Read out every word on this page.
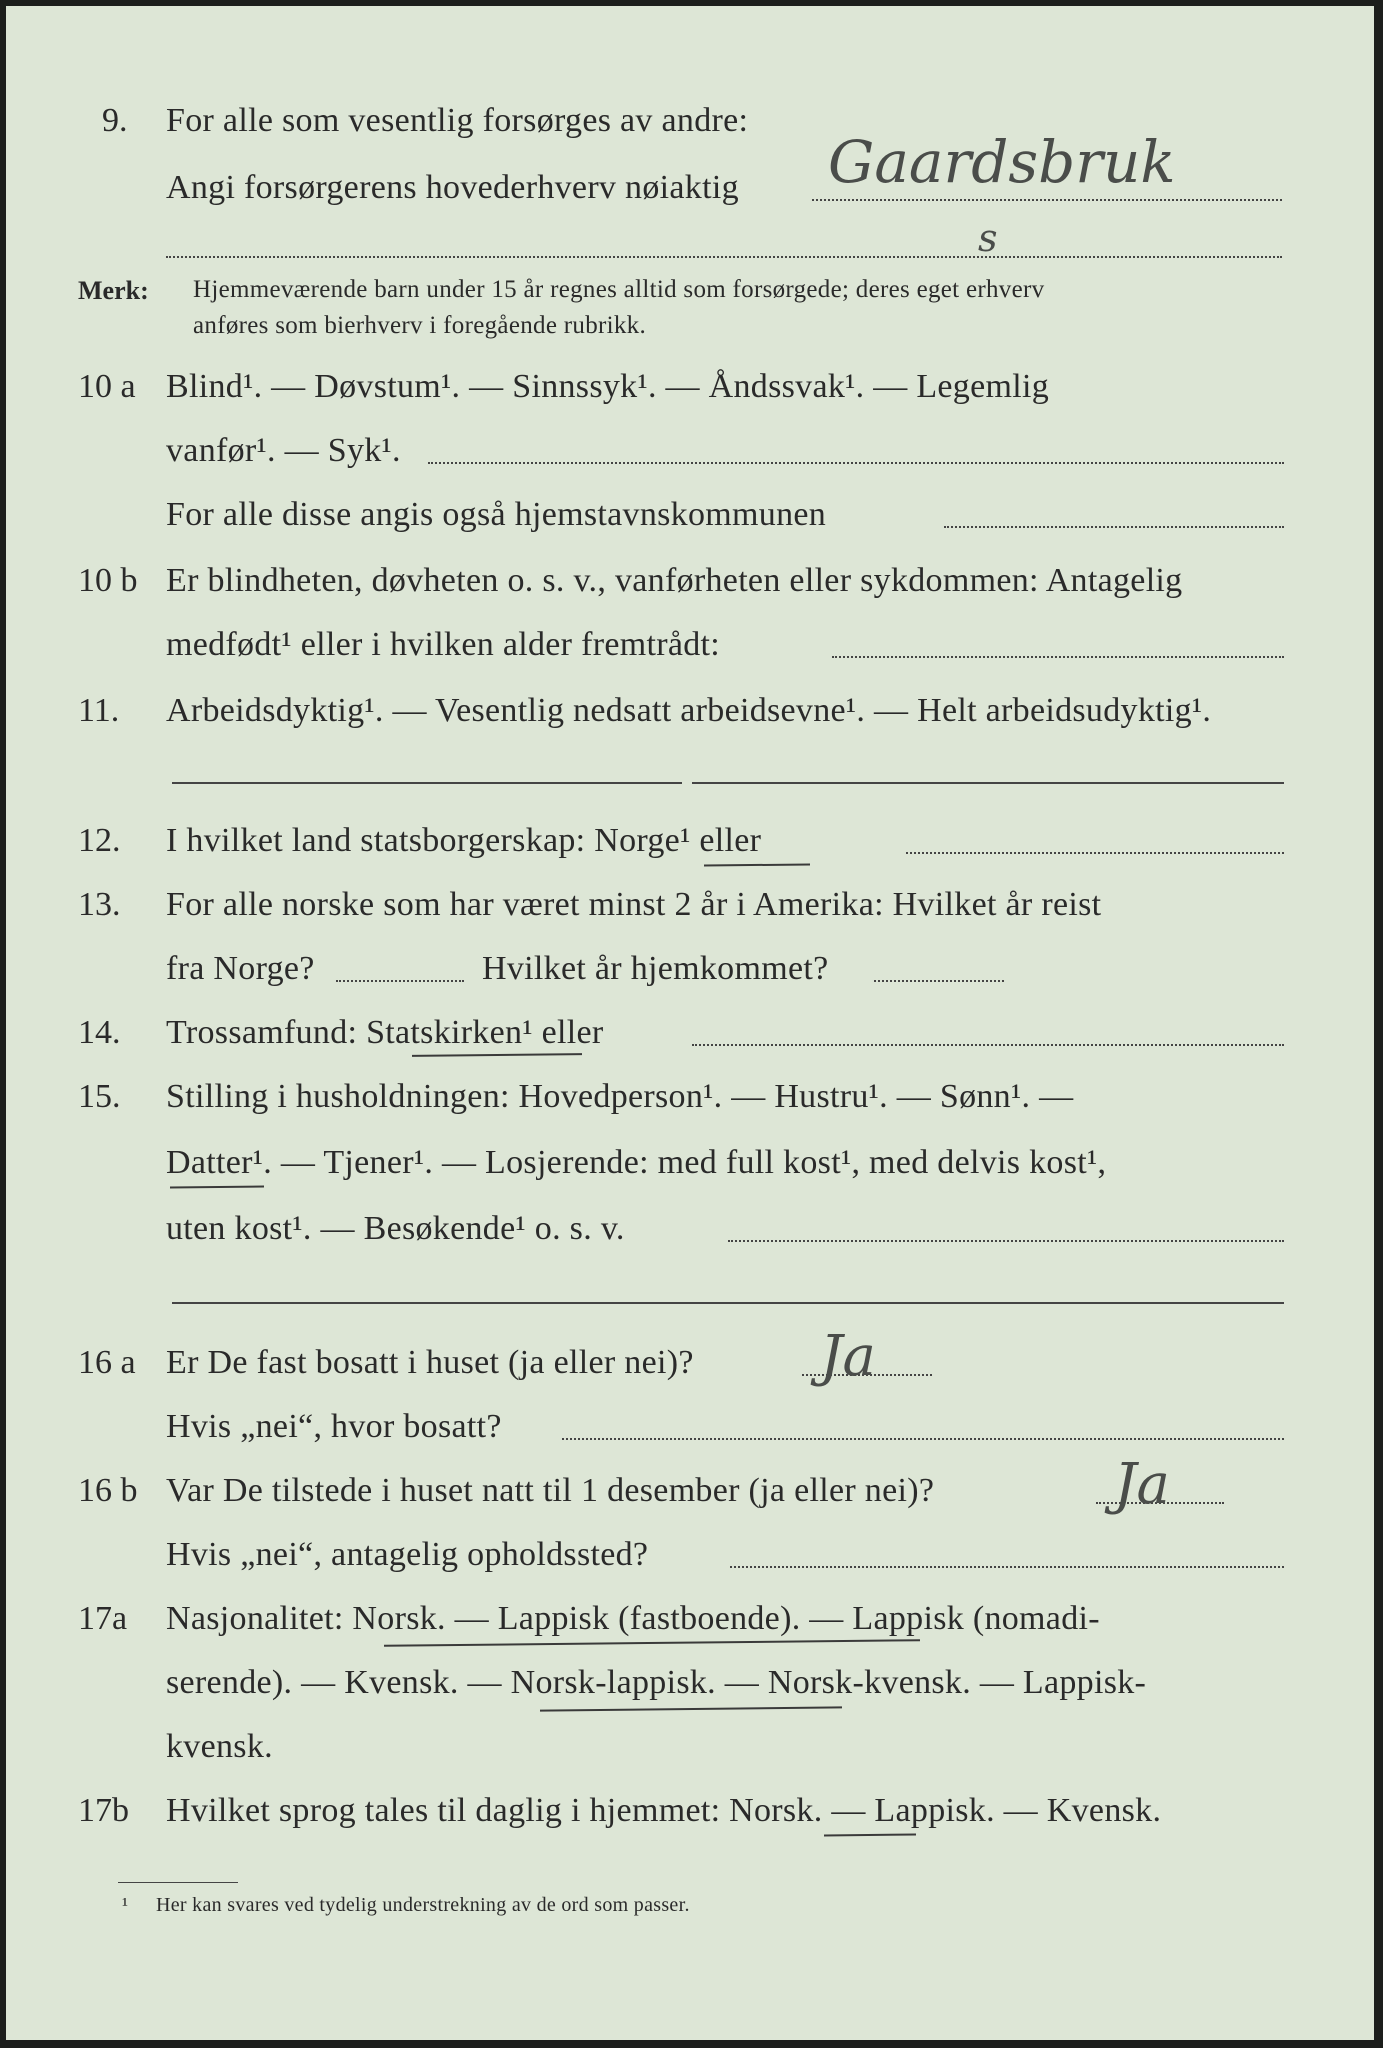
9. For alle som vesentlig forsørges av andre:
Angi forsørgerens hovederhverv nøiaktig Gaardsbruk
s
Merk: Hjemmeværende barn under 15 år regnes alltid som forsørgede; deres eget erhverv
anføres som bierhverv i foregående rubrikk.
10 a Blind¹. — Døvstum¹. — Sinnssyk¹. — Åndssvak¹. — Legemlig
vanfør¹. — Syk¹.
For alle disse angis også hjemstavnskommunen
10 b Er blindheten, døvheten o. s. v., vanførheten eller sykdommen: Antagelig
medfødt¹ eller i hvilken alder fremtrådt:
11. Arbeidsdyktig¹. — Vesentlig nedsatt arbeidsevne¹. — Helt arbeidsudyktig¹.
12. I hvilket land statsborgerskap: Norge¹ eller
13. For alle norske som har været minst 2 år i Amerika: Hvilket år reist
fra Norge?	Hvilket år hjemkommet?
14. Trossamfund: Statskirken¹ eller
15. Stilling i husholdningen: Hovedperson¹. — Hustru¹. — Sønn¹. —
Datter¹. — Tjener¹. — Losjerende: med full kost¹, med delvis kost¹,
uten kost¹. — Besøkende¹ o. s. v.
16 a Er De fast bosatt i huset (ja eller nei)? Ja
Hvis „nei“, hvor bosatt?
16 b Var De tilstede i huset natt til 1 desember (ja eller nei)?	Ja
Hvis „nei“, antagelig opholdssted?
17a Nasjonalitet: Norsk. — Lappisk (fastboende). — Lappisk (nomadi-
serende). — Kvensk. — Norsk-lappisk. — Norsk-kvensk. — Lappisk-
kvensk.
17b Hvilket sprog tales til daglig i hjemmet: Norsk. — Lappisk. — Kvensk.
¹ Her kan svares ved tydelig understrekning av de ord som passer.
